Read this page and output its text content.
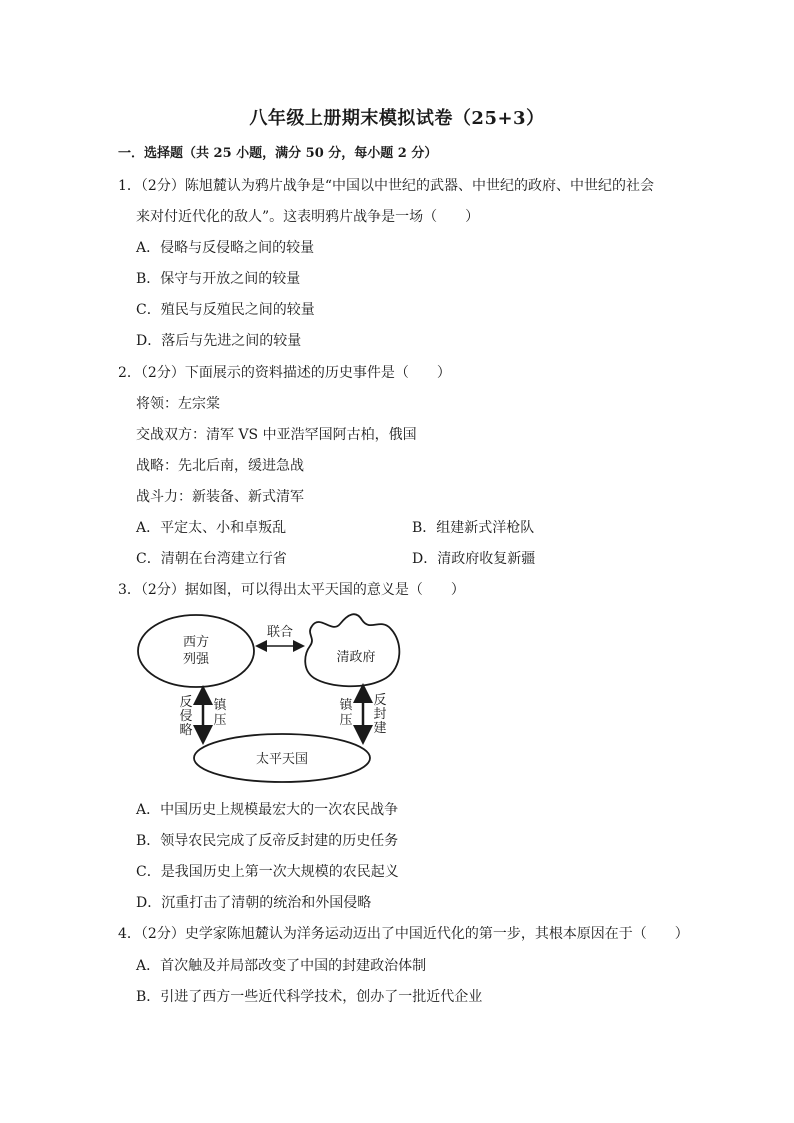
八年级上册期末模拟试卷（25+3）
一．选择题（共 25 小题，满分 50 分，每小题 2 分）
1．（2分）陈旭麓认为鸦片战争是“中国以中世纪的武器、中世纪的政府、中世纪的社会
来对付近代化的敌人”。这表明鸦片战争是一场（　　）
A．侵略与反侵略之间的较量
B．保守与开放之间的较量
C．殖民与反殖民之间的较量
D．落后与先进之间的较量
2．（2分）下面展示的资料描述的历史事件是（　　）
将领：左宗棠
交战双方：清军 VS 中亚浩罕国阿古柏，俄国
战略：先北后南，缓进急战
战斗力：新装备、新式清军
A．平定太、小和卓叛乱	B．组建新式洋枪队
C．清朝在台湾建立行省	D．清政府收复新疆
3．（2分）据如图，可以得出太平天国的意义是（　　）
西方
列强	清政府
联合
反
侵
略
镇
压
镇
压
反
封
建
太平天国
A．中国历史上规模最宏大的一次农民战争
B．领导农民完成了反帝反封建的历史任务
C．是我国历史上第一次大规模的农民起义
D．沉重打击了清朝的统治和外国侵略
4．（2分）史学家陈旭麓认为洋务运动迈出了中国近代化的第一步，其根本原因在于（　　）
A．首次触及并局部改变了中国的封建政治体制
B．引进了西方一些近代科学技术，创办了一批近代企业
